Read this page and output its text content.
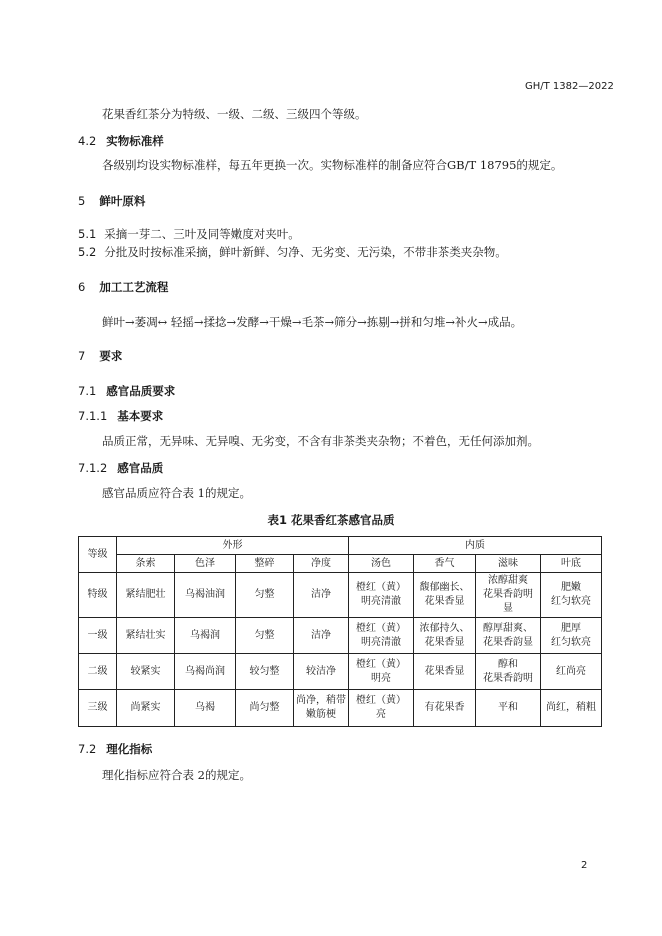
GH/T 1382—2022
花果香红茶分为特级、一级、二级、三级四个等级。
4.2 实物标准样
各级别均设实物标准样，每五年更换一次。实物标准样的制备应符合GB/T 18795的规定。
5 鲜叶原料
5.1 采摘一芽二、三叶及同等嫩度对夹叶。
5.2 分批及时按标准采摘，鲜叶新鲜、匀净、无劣变、无污染，不带非茶类夹杂物。
6 加工工艺流程
鲜叶→萎凋↔ 轻摇→揉捻→发酵→干燥→毛茶→筛分→拣剔→拼和匀堆→补火→成品。
7 要求
7.1 感官品质要求
7.1.1 基本要求
品质正常，无异味、无异嗅、无劣变，不含有非茶类夹杂物；不着色，无任何添加剂。
7.1.2 感官品质
感官品质应符合表 1的规定。
表1 花果香红茶感官品质
等级	外形				内质			
	条索	色泽	整碎	净度	汤色	香气	滋味	叶底
特级	紧结肥壮	乌褐油润	匀整	洁净	橙红（黄）
明亮清澈	馥郁幽长、
花果香显	浓醇甜爽
花果香韵明
显	肥嫩
红匀软亮
一级	紧结壮实	乌褐润	匀整	洁净	橙红（黄）
明亮清澈	浓郁持久、
花果香显	醇厚甜爽、
花果香韵显	肥厚
红匀软亮
二级	较紧实	乌褐尚润	较匀整	较洁净	橙红（黄）
明亮	花果香显	醇和
花果香韵明	红尚亮
三级	尚紧实	乌褐	尚匀整	尚净，稍带
嫩筋梗	橙红（黄）
亮	有花果香	平和	尚红，稍粗
7.2 理化指标
理化指标应符合表 2的规定。
2
